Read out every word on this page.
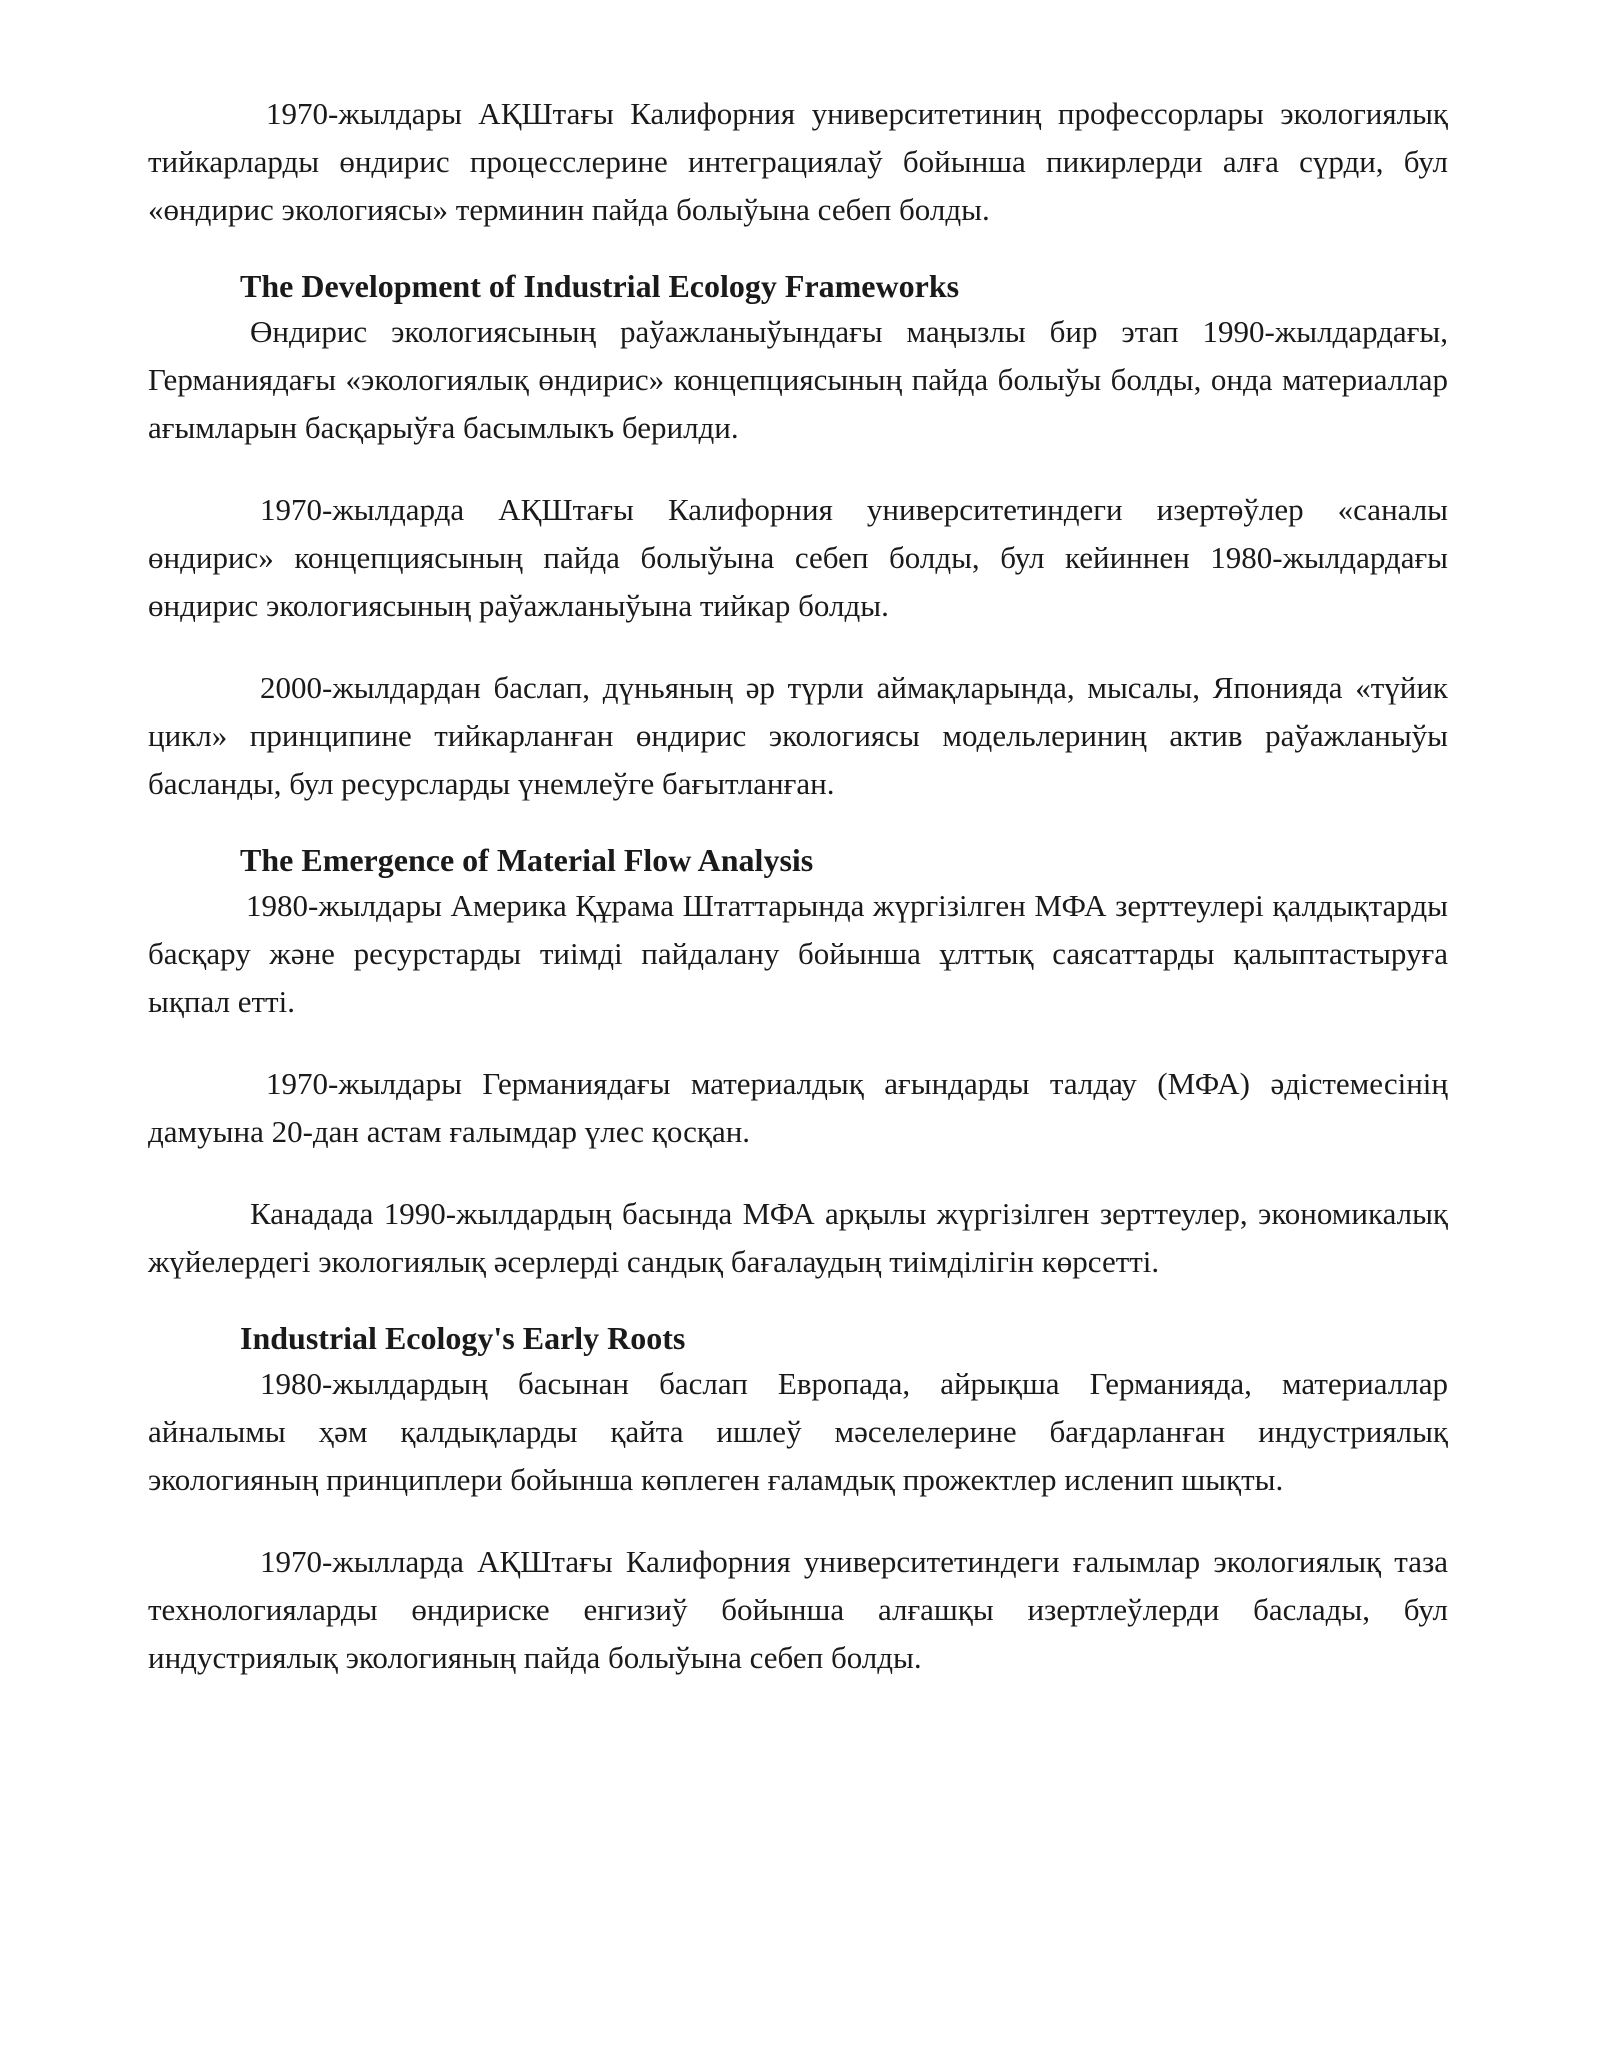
1970-жылдары АҚШтағы Калифорния университетиниң профессорлары экологиялық тийкарларды өндирис процесслерине интеграциялаў бойынша пикирлерди алға сүрди, бул «өндирис экологиясы» терминин пайда болыўына себеп болды.

The Development of Industrial Ecology Frameworks

Өндирис экологиясының раўажланыўындағы маңызлы бир этап 1990-жылдардағы, Германиядағы «экологиялық өндирис» концепциясының пайда болыўы болды, онда материаллар ағымларын басқарыўға басымлыкъ берилди.

1970-жылдарда АҚШтағы Калифорния университетиндеги изертөўлер «саналы өндирис» концепциясының пайда болыўына себеп болды, бул кейиннен 1980-жылдардағы өндирис экологиясының раўажланыўына тийкар болды.

2000-жылдардан баслап, дүньяның әр түрли аймақларында, мысалы, Японияда «түйик цикл» принципине тийкарланған өндирис экологиясы модельлериниң актив раўажланыўы басланды, бул ресурсларды үнемлеўге бағытланған.

The Emergence of Material Flow Analysis

1980-жылдары Америка Құрама Штаттарында жүргізілген МФА зерттеулері қалдықтарды басқару және ресурстарды тиімді пайдалану бойынша ұлттық саясаттарды қалыптастыруға ықпал етті.

1970-жылдары Германиядағы материалдық ағындарды талдау (МФА) әдістемесінің дамуына 20-дан астам ғалымдар үлес қосқан.

Канадада 1990-жылдардың басында МФА арқылы жүргізілген зерттеулер, экономикалық жүйелердегі экологиялық әсерлерді сандық бағалаудың тиімділігін көрсетті.

Industrial Ecology's Early Roots

1980-жылдардың басынан баслап Европада, айрықша Германияда, материаллар айналымы ҳәм қалдықларды қайта ишлеў мәселелерине бағдарланған индустриялық экологияның принциплери бойынша көплеген ғаламдық прожектлер исленип шықты.

1970-жылларда АҚШтағы Калифорния университетиндеги ғалымлар экологиялық таза технологияларды өндириске енгизиў бойынша алғашқы изертлеўлерди баслады, бул индустриялық экологияның пайда болыўына себеп болды.
